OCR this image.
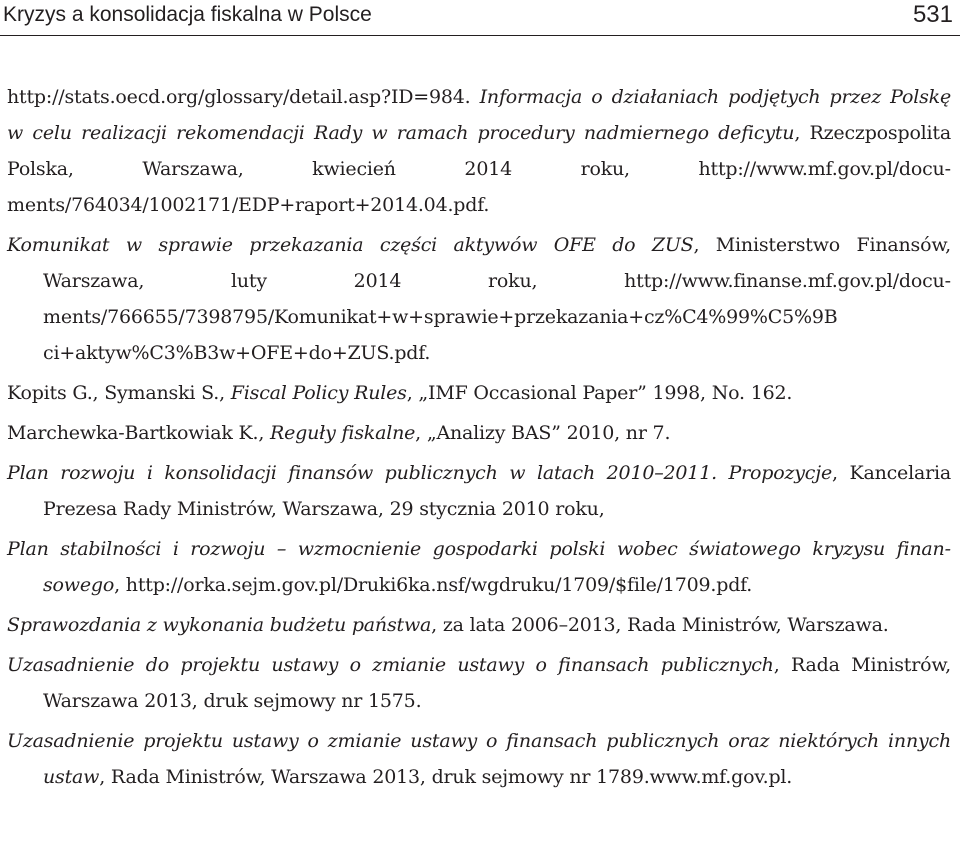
Kryzys a konsolidacja fiskalna w Polsce	531

http://stats.oecd.org/glossary/detail.asp?ID=984. Informacja o działaniach podjętych przez Polskę w celu realizacji rekomendacji Rady w ramach procedury nadmiernego deficytu, Rzeczpospolita Polska, Warszawa, kwiecień 2014 roku, http://www.mf.gov.pl/documents/764034/1002171/EDP+raport+2014.04.pdf.

Komunikat w sprawie przekazania części aktywów OFE do ZUS, Ministerstwo Finansów, Warszawa, luty 2014 roku, http://www.finanse.mf.gov.pl/documents/766655/7398795/Komunikat+w+sprawie+przekazania+cz%C4%99%C5%9B ci+aktyw%C3%B3w+OFE+do+ZUS.pdf.

Kopits G., Symanski S., Fiscal Policy Rules, „IMF Occasional Paper” 1998, No. 162.

Marchewka-Bartkowiak K., Reguły fiskalne, „Analizy BAS” 2010, nr 7.

Plan rozwoju i konsolidacji finansów publicznych w latach 2010–2011. Propozycje, Kancelaria Prezesa Rady Ministrów, Warszawa, 29 stycznia 2010 roku,

Plan stabilności i rozwoju – wzmocnienie gospodarki polski wobec światowego kryzysu finansowego, http://orka.sejm.gov.pl/Druki6ka.nsf/wgdruku/1709/$file/1709.pdf.

Sprawozdania z wykonania budżetu państwa, za lata 2006–2013, Rada Ministrów, Warszawa.

Uzasadnienie do projektu ustawy o zmianie ustawy o finansach publicznych, Rada Ministrów, Warszawa 2013, druk sejmowy nr 1575.

Uzasadnienie projektu ustawy o zmianie ustawy o finansach publicznych oraz niektórych innych ustaw, Rada Ministrów, Warszawa 2013, druk sejmowy nr 1789.www.mf.gov.pl.
